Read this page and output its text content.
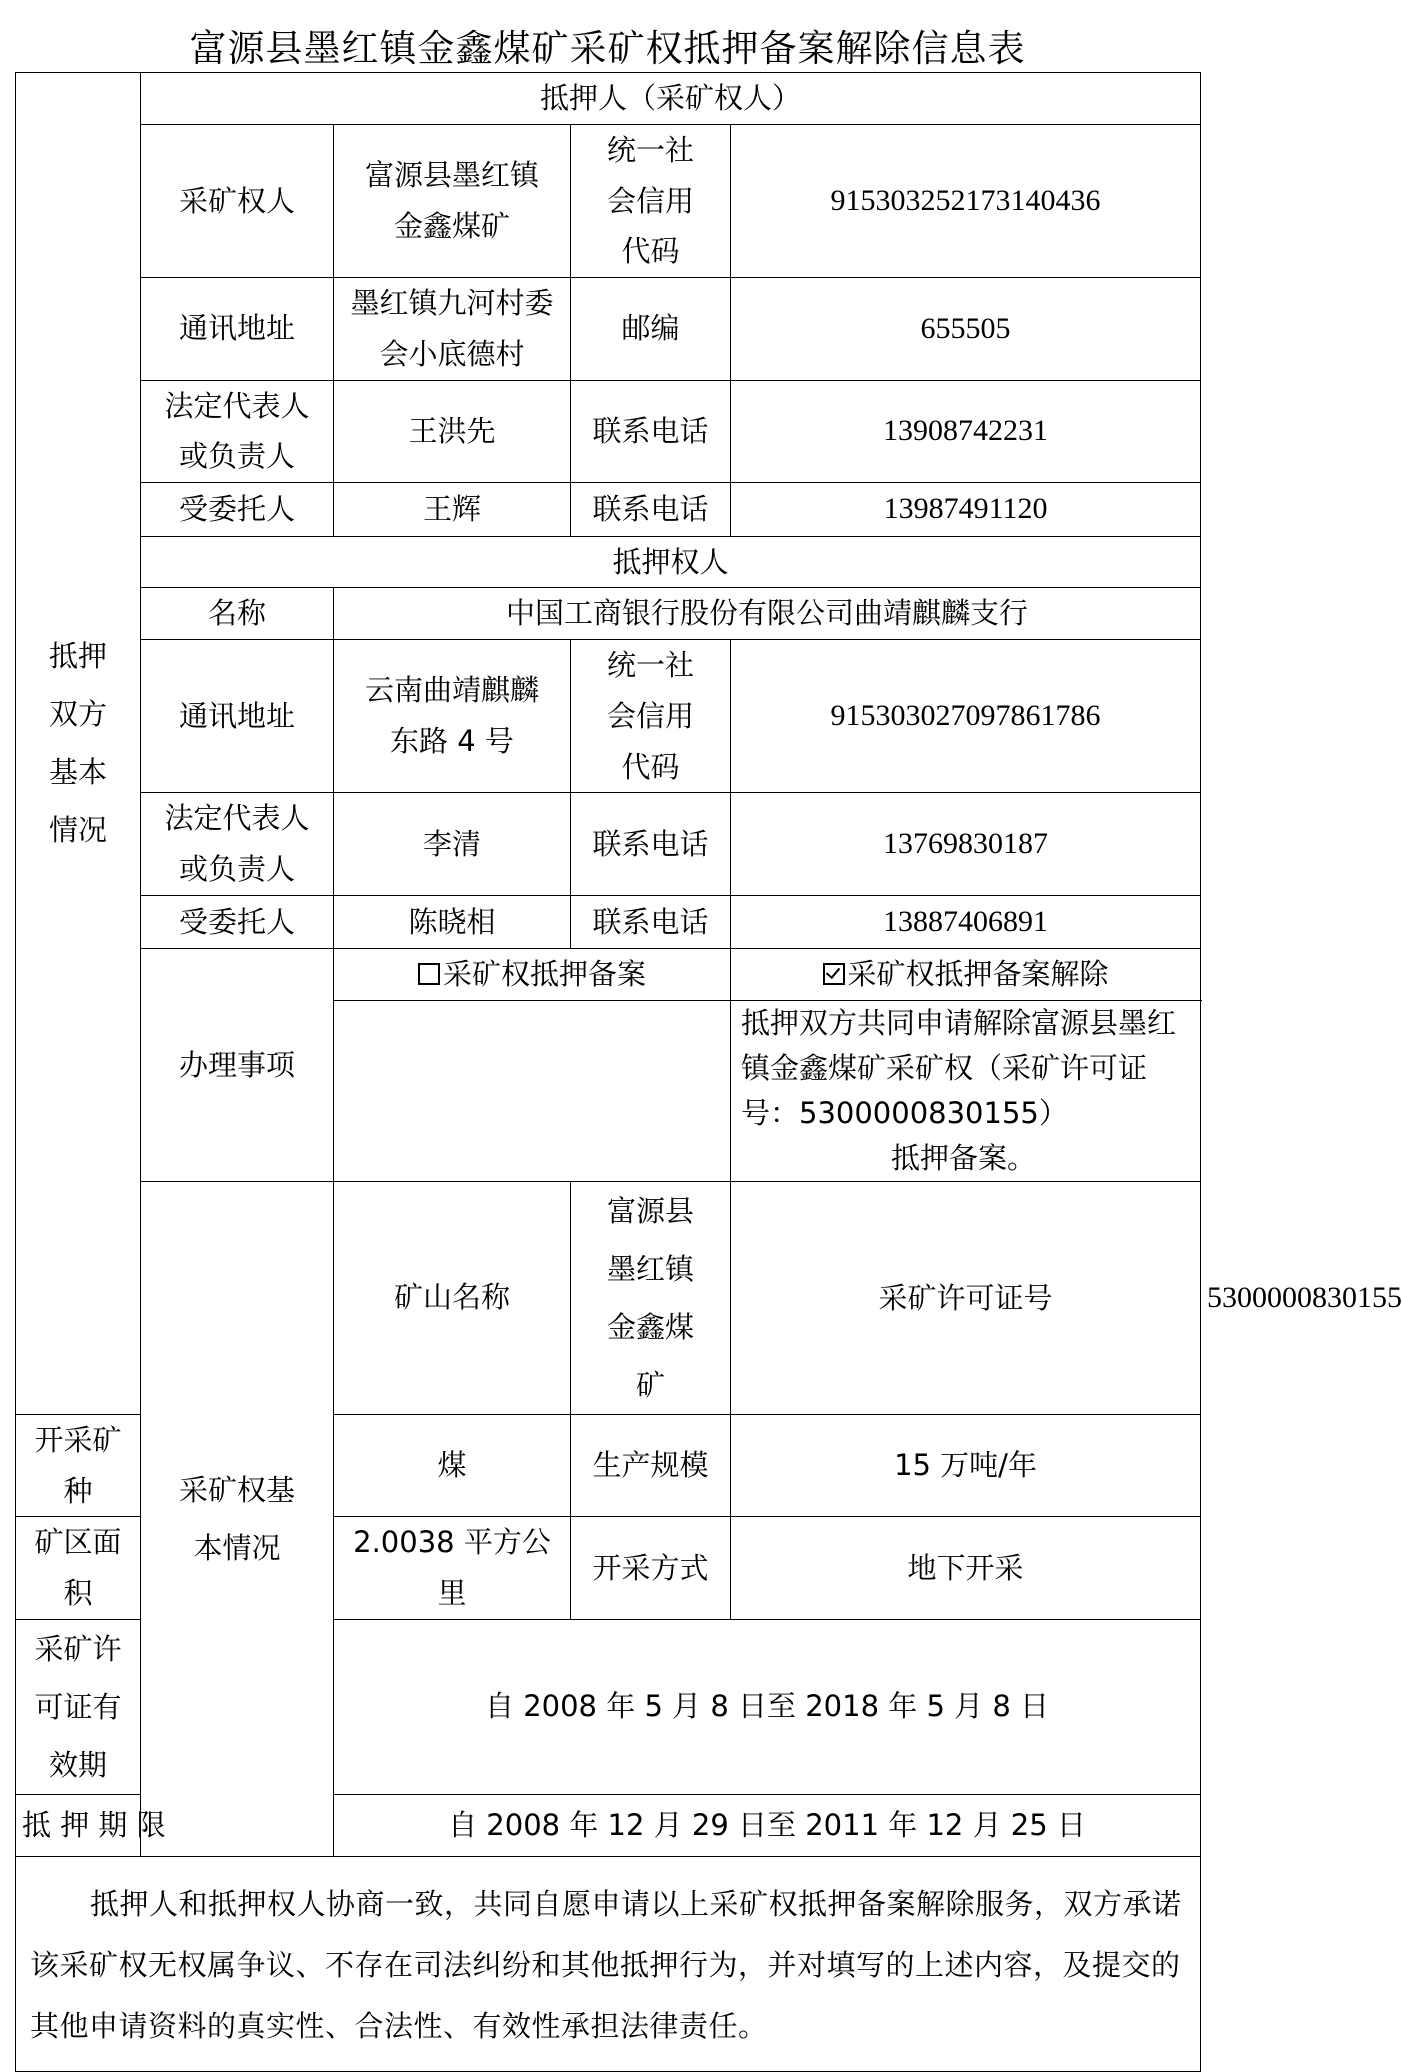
富源县墨红镇金鑫煤矿采矿权抵押备案解除信息表
抵押双方基本情况	抵押人（采矿权人）				
	采矿权人	富源县墨红镇金鑫煤矿	统一社会信用代码	915303252173140436	
	通讯地址	墨红镇九河村委会小底德村	邮编	655505	
	法定代表人或负责人	王洪先	联系电话	13908742231	
	受委托人	王辉	联系电话	13987491120	
	抵押权人				
	名称	中国工商银行股份有限公司曲靖麒麟支行			
	通讯地址	云南曲靖麒麟东路 4 号	统一社会信用代码	915303027097861786	
	法定代表人或负责人	李清	联系电话	13769830187	
	受委托人	陈晓相	联系电话	13887406891	
	办理事项	采矿权抵押备案		采矿权抵押备案解除	
				抵押双方共同申请解除富源县墨红镇金鑫煤矿采矿权（采矿许可证号：5300000830155）
抵押备案。	

	采矿权基本情况	矿山名称	富源县墨红镇金鑫煤矿	采矿许可证号	5300000830155
开采矿种		煤	生产规模	15 万吨/年	
矿区面积		2.0038 平方公里	开采方式	地下开采	
采矿许可证有效期		自 2008 年 5 月 8 日至 2018 年 5 月 8 日			
抵 押 期 限		自 2008 年 12 月 29 日至 2011 年 12 月 25 日			
抵押人和抵押权人协商一致，共同自愿申请以上采矿权抵押备案解除服务，双方承诺该采矿权无权属争议、不存在司法纠纷和其他抵押行为，并对填写的上述内容，及提交的其他申请资料的真实性、合法性、有效性承担法律责任。					
